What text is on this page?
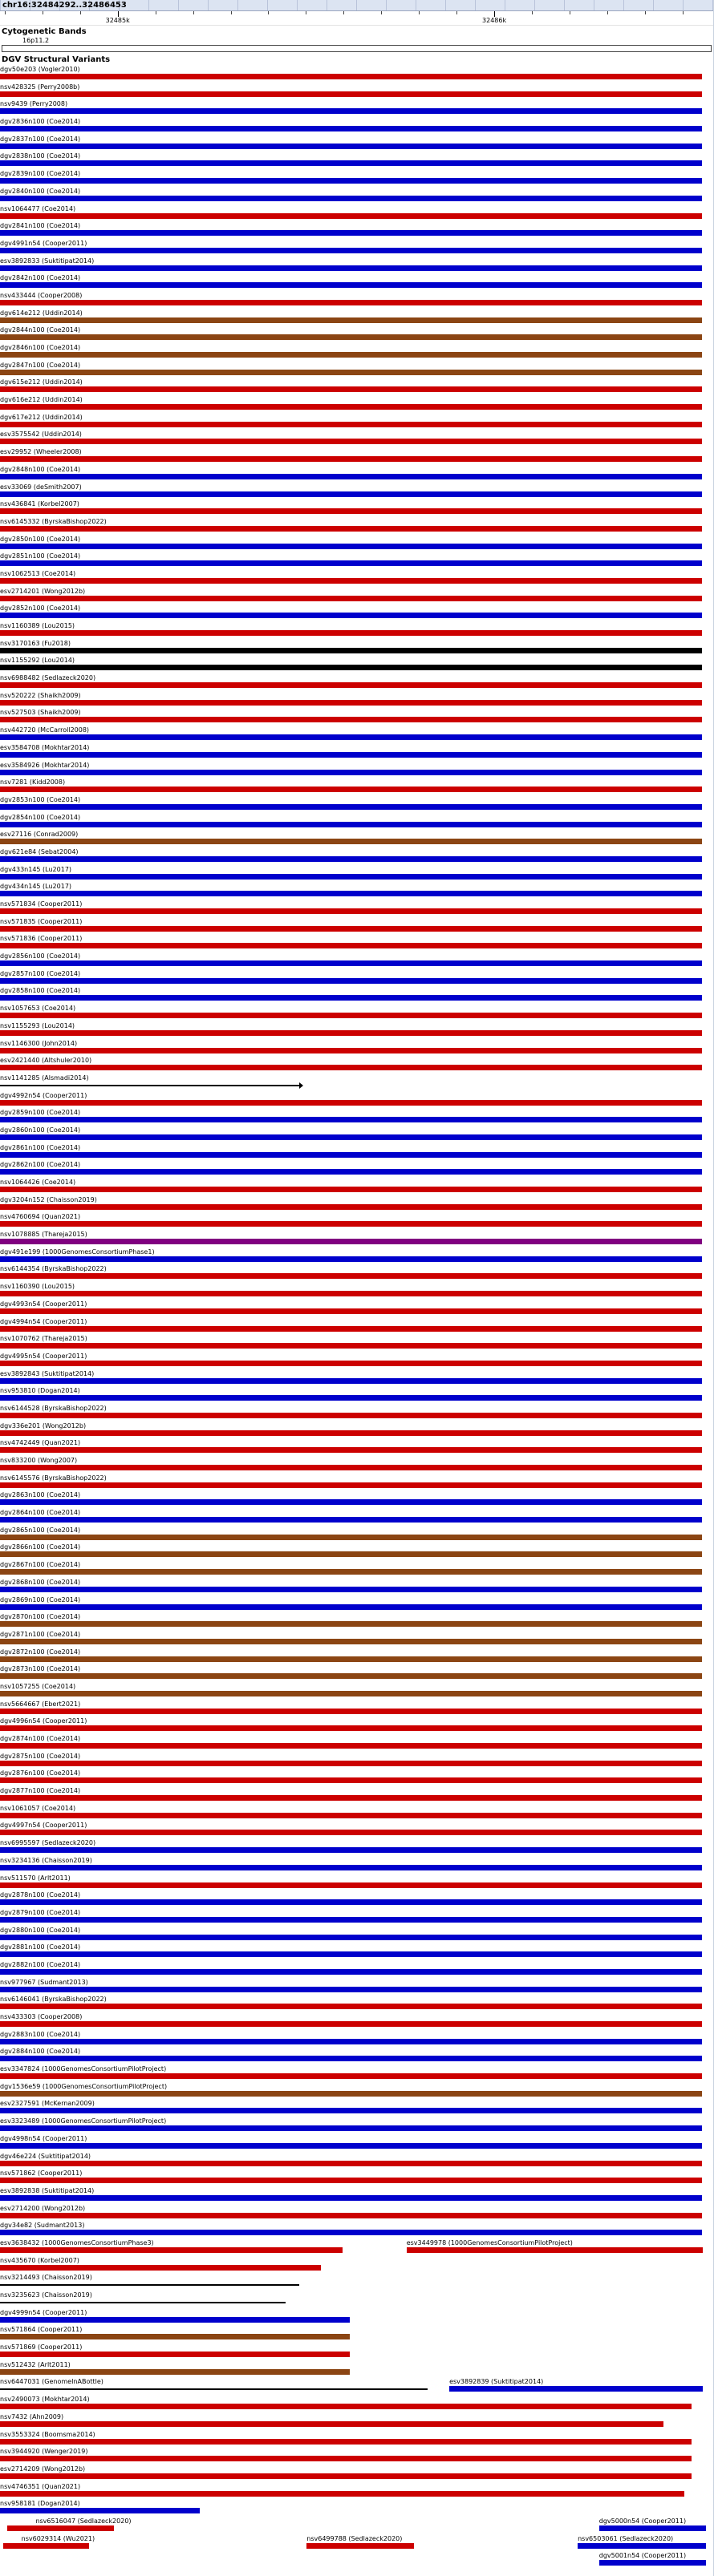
chr16:32484292..32486453
32485k	32486k
Cytogenetic Bands
16p11.2
DGV Structural Variants
dgv50e203 (Vogler2010)
nsv428325 (Perry2008b)
nsv9439 (Perry2008)
dgv2836n100 (Coe2014)
dgv2837n100 (Coe2014)
dgv2838n100 (Coe2014)
dgv2839n100 (Coe2014)
dgv2840n100 (Coe2014)
nsv1064477 (Coe2014)
dgv2841n100 (Coe2014)
dgv4991n54 (Cooper2011)
esv3892833 (Suktitipat2014)
dgv2842n100 (Coe2014)
nsv433444 (Cooper2008)
dgv614e212 (Uddin2014)
dgv2844n100 (Coe2014)
dgv2846n100 (Coe2014)
dgv2847n100 (Coe2014)
dgv615e212 (Uddin2014)
dgv616e212 (Uddin2014)
dgv617e212 (Uddin2014)
esv3575542 (Uddin2014)
esv29952 (Wheeler2008)
dgv2848n100 (Coe2014)
esv33069 (deSmith2007)
nsv436841 (Korbel2007)
nsv6145332 (ByrskaBishop2022)
dgv2850n100 (Coe2014)
dgv2851n100 (Coe2014)
nsv1062513 (Coe2014)
esv2714201 (Wong2012b)
dgv2852n100 (Coe2014)
nsv1160389 (Lou2015)
nsv3170163 (Fu2018)
nsv1155292 (Lou2014)
nsv6988482 (Sedlazeck2020)
nsv520222 (Shaikh2009)
nsv527503 (Shaikh2009)
nsv442720 (McCarroll2008)
esv3584708 (Mokhtar2014)
esv3584926 (Mokhtar2014)
nsv7281 (Kidd2008)
dgv2853n100 (Coe2014)
dgv2854n100 (Coe2014)
esv27116 (Conrad2009)
dgv621e84 (Sebat2004)
dgv433n145 (Lu2017)
dgv434n145 (Lu2017)
nsv571834 (Cooper2011)
nsv571835 (Cooper2011)
nsv571836 (Cooper2011)
dgv2856n100 (Coe2014)
dgv2857n100 (Coe2014)
dgv2858n100 (Coe2014)
nsv1057653 (Coe2014)
nsv1155293 (Lou2014)
nsv1146300 (John2014)
esv2421440 (Altshuler2010)
nsv1141285 (Alsmadi2014)
dgv4992n54 (Cooper2011)
dgv2859n100 (Coe2014)
dgv2860n100 (Coe2014)
dgv2861n100 (Coe2014)
dgv2862n100 (Coe2014)
nsv1064426 (Coe2014)
dgv3204n152 (Chaisson2019)
nsv4760694 (Quan2021)
nsv1078885 (Thareja2015)
dgv491e199 (1000GenomesConsortiumPhase1)
nsv6144354 (ByrskaBishop2022)
nsv1160390 (Lou2015)
dgv4993n54 (Cooper2011)
dgv4994n54 (Cooper2011)
nsv1070762 (Thareja2015)
dgv4995n54 (Cooper2011)
esv3892843 (Suktitipat2014)
nsv953810 (Dogan2014)
nsv6144528 (ByrskaBishop2022)
dgv336e201 (Wong2012b)
nsv4742449 (Quan2021)
nsv833200 (Wong2007)
nsv6145576 (ByrskaBishop2022)
dgv2863n100 (Coe2014)
dgv2864n100 (Coe2014)
dgv2865n100 (Coe2014)
dgv2866n100 (Coe2014)
dgv2867n100 (Coe2014)
dgv2868n100 (Coe2014)
dgv2869n100 (Coe2014)
dgv2870n100 (Coe2014)
dgv2871n100 (Coe2014)
dgv2872n100 (Coe2014)
dgv2873n100 (Coe2014)
nsv1057255 (Coe2014)
nsv5664667 (Ebert2021)
dgv4996n54 (Cooper2011)
dgv2874n100 (Coe2014)
dgv2875n100 (Coe2014)
dgv2876n100 (Coe2014)
dgv2877n100 (Coe2014)
nsv1061057 (Coe2014)
dgv4997n54 (Cooper2011)
nsv6995597 (Sedlazeck2020)
nsv3234136 (Chaisson2019)
nsv511570 (Arlt2011)
dgv2878n100 (Coe2014)
dgv2879n100 (Coe2014)
dgv2880n100 (Coe2014)
dgv2881n100 (Coe2014)
dgv2882n100 (Coe2014)
nsv977967 (Sudmant2013)
nsv6146041 (ByrskaBishop2022)
nsv433303 (Cooper2008)
dgv2883n100 (Coe2014)
dgv2884n100 (Coe2014)
esv3347824 (1000GenomesConsortiumPilotProject)
dgv1536e59 (1000GenomesConsortiumPilotProject)
esv2327591 (McKernan2009)
esv3323489 (1000GenomesConsortiumPilotProject)
dgv4998n54 (Cooper2011)
dgv46e224 (Suktitipat2014)
nsv571862 (Cooper2011)
esv3892838 (Suktitipat2014)
esv2714200 (Wong2012b)
dgv34e82 (Sudmant2013)
esv3638432 (1000GenomesConsortiumPhase3)	esv3449978 (1000GenomesConsortiumPilotProject)
nsv435670 (Korbel2007)
nsv3214493 (Chaisson2019)
nsv3235623 (Chaisson2019)
dgv4999n54 (Cooper2011)
nsv571864 (Cooper2011)
nsv571869 (Cooper2011)
nsv512432 (Arlt2011)
nsv6447031 (GenomeInABottle)	esv3892839 (Suktitipat2014)
nsv2490073 (Mokhtar2014)
nsv7432 (Ahn2009)
nsv3553324 (Boomsma2014)
nsv3944920 (Wenger2019)
esv2714209 (Wong2012b)
nsv4746351 (Quan2021)
nsv958181 (Dogan2014)
nsv6516047 (Sedlazeck2020)	dgv5000n54 (Cooper2011)
nsv6029314 (Wu2021)	nsv6499788 (Sedlazeck2020)	nsv6503061 (Sedlazeck2020)
dgv5001n54 (Cooper2011)
